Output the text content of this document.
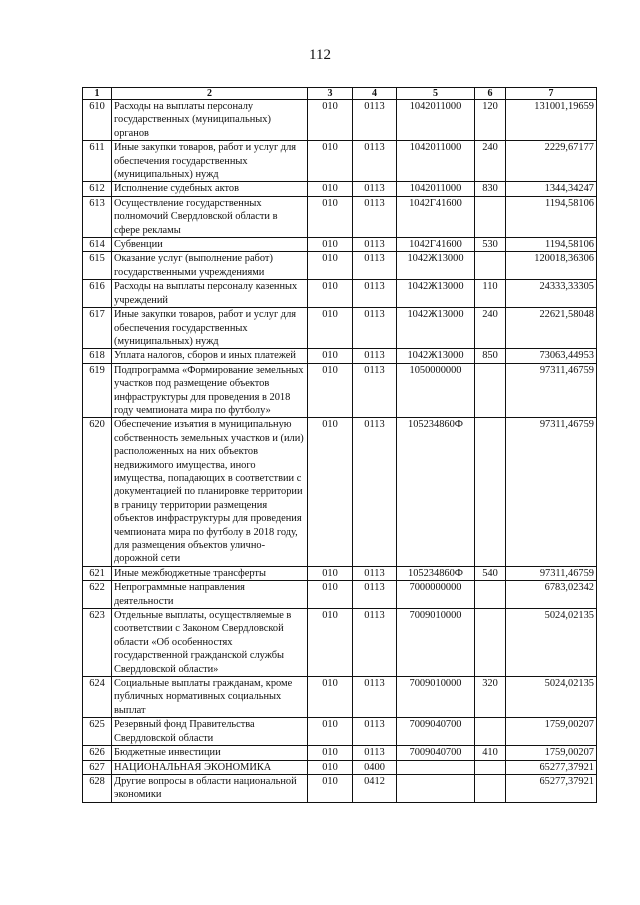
112
1	2	3	4	5	6	7
610	Расходы на выплаты персоналу государственных (муниципальных) органов	010	0113	1042011000	120	131001,19659
611	Иные закупки товаров, работ и услуг для обеспечения государственных (муниципальных) нужд	010	0113	1042011000	240	2229,67177
612	Исполнение судебных актов	010	0113	1042011000	830	1344,34247
613	Осуществление государственных полномочий Свердловской области в сфере рекламы	010	0113	1042Г41600		1194,58106
614	Субвенции	010	0113	1042Г41600	530	1194,58106
615	Оказание услуг (выполнение работ) государственными учреждениями	010	0113	1042Ж13000		120018,36306
616	Расходы на выплаты персоналу казенных учреждений	010	0113	1042Ж13000	110	24333,33305
617	Иные закупки товаров, работ и услуг для обеспечения государственных (муниципальных) нужд	010	0113	1042Ж13000	240	22621,58048
618	Уплата налогов, сборов и иных платежей	010	0113	1042Ж13000	850	73063,44953
619	Подпрограмма «Формирование земельных участков под размещение объектов инфраструктуры для проведения в 2018 году чемпионата мира по футболу»	010	0113	1050000000		97311,46759
620	Обеспечение изъятия в муниципальную собственность земельных участков и (или) расположенных на них объектов недвижимого имущества, иного имущества, попадающих в соответствии с документацией по планировке территории в границу территории размещения объектов инфраструктуры для проведения чемпионата мира по футболу в 2018 году, для размещения объектов улично-дорожной сети	010	0113	105234860Ф		97311,46759
621	Иные межбюджетные трансферты	010	0113	105234860Ф	540	97311,46759
622	Непрограммные направления деятельности	010	0113	7000000000		6783,02342
623	Отдельные выплаты, осуществляемые в соответствии с Законом Свердловской области «Об особенностях государственной гражданской службы Свердловской области»	010	0113	7009010000		5024,02135
624	Социальные выплаты гражданам, кроме публичных нормативных социальных выплат	010	0113	7009010000	320	5024,02135
625	Резервный фонд Правительства Свердловской области	010	0113	7009040700		1759,00207
626	Бюджетные инвестиции	010	0113	7009040700	410	1759,00207
627	НАЦИОНАЛЬНАЯ ЭКОНОМИКА	010	0400			65277,37921
628	Другие вопросы в области национальной экономики	010	0412			65277,37921
